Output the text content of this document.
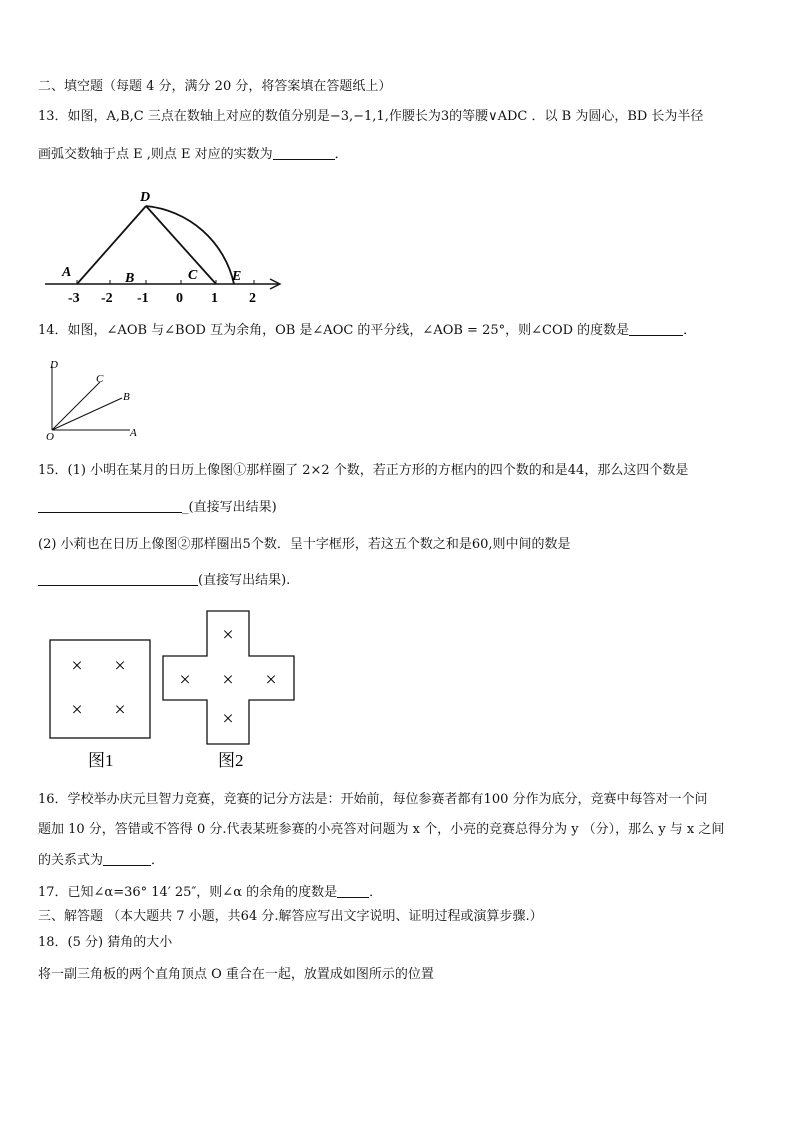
二、填空题（每题 4 分，满分 20 分，将答案填在答题纸上）
13．如图，A,B,C 三点在数轴上对应的数值分别是−3,−1,1,作腰长为3的等腰∨ADC ．以 B 为圆心，BD 长为半径
画弧交数轴于点 E ,则点 E 对应的实数为	．
D
A	B	C E
-3 -2 -1 0 1 2
14．如图，∠AOB 与∠BOD 互为余角，OB 是∠AOC 的平分线，∠AOB = 25°，则∠COD 的度数是	．
D
C
B
O	A
15．(1) 小明在某月的日历上像图①那样圈了 2×2 个数，若正方形的方框内的四个数的和是44，那么这四个数是
_(直接写出结果)
(2) 小莉也在日历上像图②那样圈出5个数．呈十字框形，若这五个数之和是60,则中间的数是
(直接写出结果).
× ×
× ×
图1
×
× × ×
×
图2
16．学校举办庆元旦智力竞赛，竞赛的记分方法是：开始前，每位参赛者都有100 分作为底分，竞赛中每答对一个问
题加 10 分，答错或不答得 0 分.代表某班参赛的小亮答对问题为 x 个，小亮的竞赛总得分为 y （分），那么 y 与 x 之间
的关系式为	．
17．已知∠α=36° 14′ 25″，则∠α 的余角的度数是 ．
三、解答题 （本大题共 7 小题，共64 分.解答应写出文字说明、证明过程或演算步骤.）
18．(5 分) 猜角的大小
将一副三角板的两个直角顶点 O 重合在一起，放置成如图所示的位置
